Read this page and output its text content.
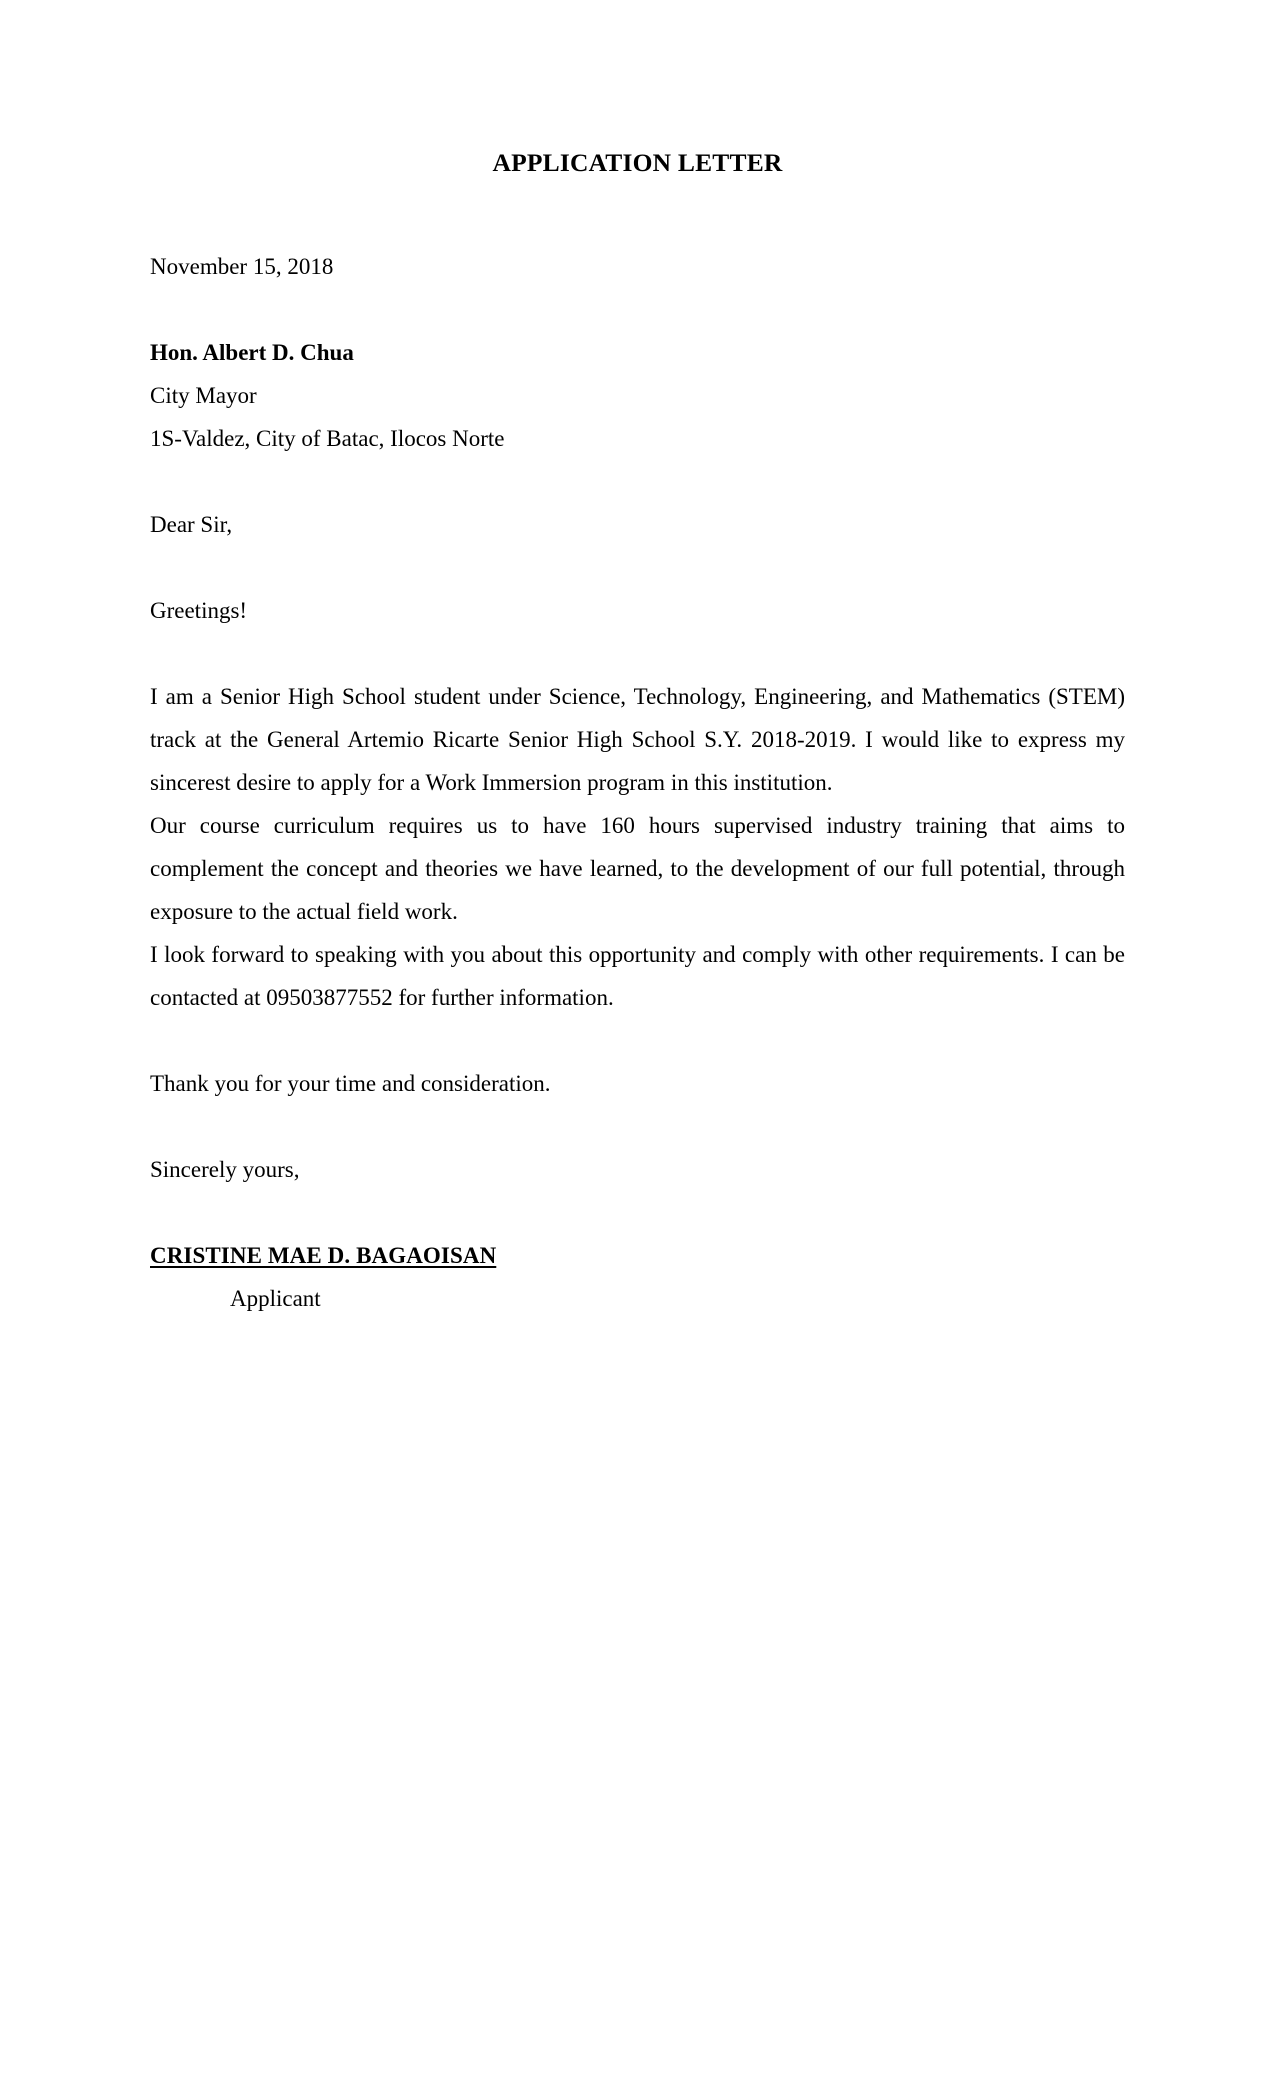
APPLICATION LETTER

November 15, 2018

Hon. Albert D. Chua

City Mayor

1S-Valdez, City of Batac, Ilocos Norte

Dear Sir,

Greetings!

I am a Senior High School student under Science, Technology, Engineering, and Mathematics (STEM) track at the General Artemio Ricarte Senior High School S.Y. 2018-2019. I would like to express my sincerest desire to apply for a Work Immersion program in this institution.

Our course curriculum requires us to have 160 hours supervised industry training that aims to complement the concept and theories we have learned, to the development of our full potential, through exposure to the actual field work.

I look forward to speaking with you about this opportunity and comply with other requirements. I can be contacted at 09503877552 for further information.

Thank you for your time and consideration.

Sincerely yours,

CRISTINE MAE D. BAGAOISAN

Applicant
